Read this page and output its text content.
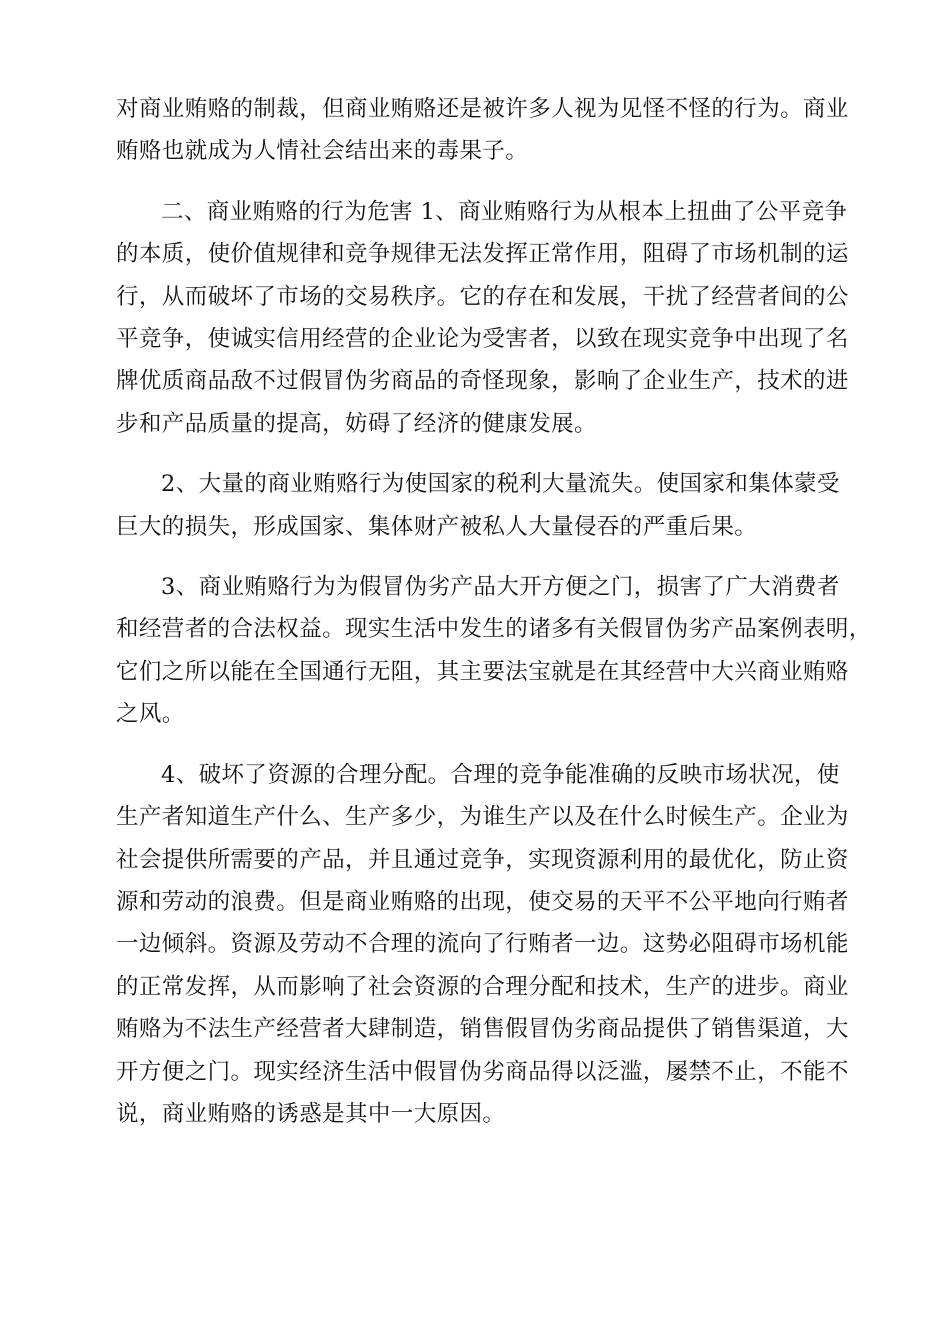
对商业贿赂的制裁，但商业贿赂还是被许多人视为见怪不怪的行为。商业
贿赂也就成为人情社会结出来的毒果子。
二、商业贿赂的行为危害 1、商业贿赂行为从根本上扭曲了公平竞争
的本质，使价值规律和竞争规律无法发挥正常作用，阻碍了市场机制的运
行，从而破坏了市场的交易秩序。它的存在和发展，干扰了经营者间的公
平竞争，使诚实信用经营的企业论为受害者，以致在现实竞争中出现了名
牌优质商品敌不过假冒伪劣商品的奇怪现象，影响了企业生产，技术的进
步和产品质量的提高，妨碍了经济的健康发展。
2、大量的商业贿赂行为使国家的税利大量流失。使国家和集体蒙受
巨大的损失，形成国家、集体财产被私人大量侵吞的严重后果。
3、商业贿赂行为为假冒伪劣产品大开方便之门，损害了广大消费者
和经营者的合法权益。现实生活中发生的诸多有关假冒伪劣产品案例表明，
它们之所以能在全国通行无阻，其主要法宝就是在其经营中大兴商业贿赂
之风。
4、破坏了资源的合理分配。合理的竞争能准确的反映市场状况，使
生产者知道生产什么、生产多少，为谁生产以及在什么时候生产。企业为
社会提供所需要的产品，并且通过竞争，实现资源利用的最优化，防止资
源和劳动的浪费。但是商业贿赂的出现，使交易的天平不公平地向行贿者
一边倾斜。资源及劳动不合理的流向了行贿者一边。这势必阻碍市场机能
的正常发挥，从而影响了社会资源的合理分配和技术，生产的进步。商业
贿赂为不法生产经营者大肆制造，销售假冒伪劣商品提供了销售渠道，大
开方便之门。现实经济生活中假冒伪劣商品得以泛滥，屡禁不止，不能不
说，商业贿赂的诱惑是其中一大原因。
